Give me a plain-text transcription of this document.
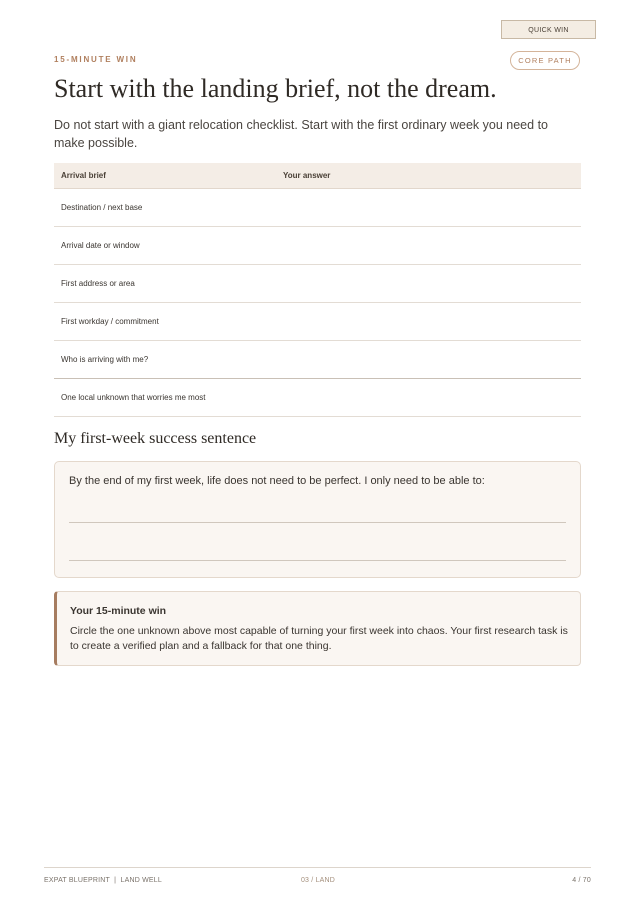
QUICK WIN
15-MINUTE WIN	CORE PATH
Start with the landing brief, not the dream.

Do not start with a giant relocation checklist. Start with the first ordinary week you need to make possible.

Arrival brief	Your answer
Destination / next base	
Arrival date or window	
First address or area	
First workday / commitment	
Who is arriving with me?	
One local unknown that worries me most	
My first-week success sentence

By the end of my first week, life does not need to be perfect. I only need to be able to:

Your 15-minute win

Circle the one unknown above most capable of turning your first week into chaos. Your first research task is to create a verified plan and a fallback for that one thing.

EXPAT BLUEPRINT  |  LAND WELL	03 / LAND	4 / 70
